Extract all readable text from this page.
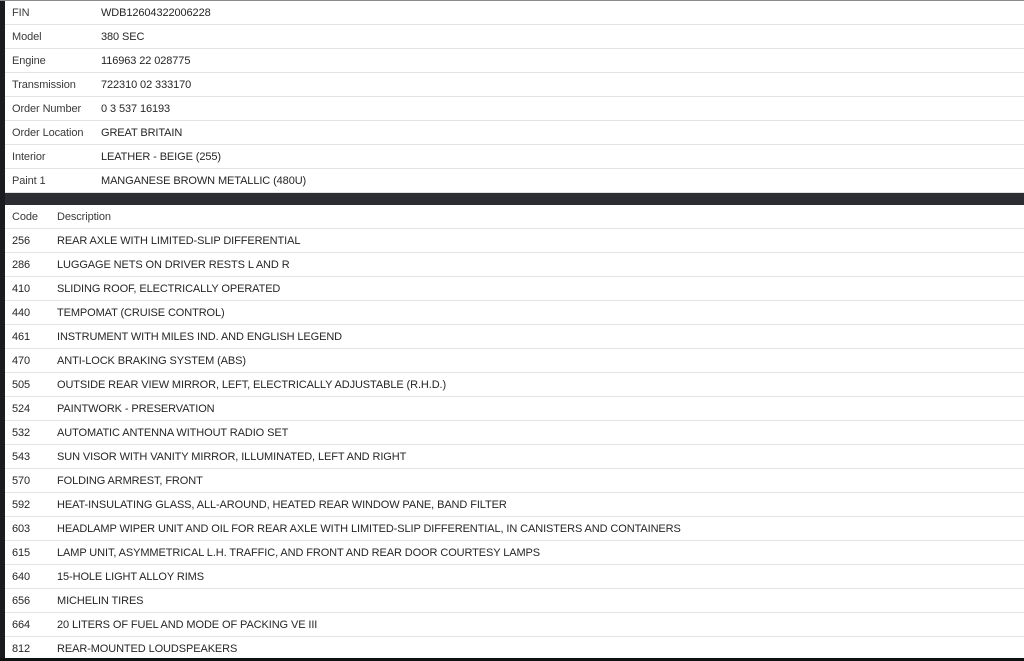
FIN	WDB12604322006228
Model	380 SEC
Engine	116963 22 028775
Transmission	722310 02 333170
Order Number	0 3 537 16193
Order Location	GREAT BRITAIN
Interior	LEATHER - BEIGE (255)
Paint 1	MANGANESE BROWN METALLIC (480U)
Code	Description
256	REAR AXLE WITH LIMITED-SLIP DIFFERENTIAL
286	LUGGAGE NETS ON DRIVER RESTS L AND R
410	SLIDING ROOF, ELECTRICALLY OPERATED
440	TEMPOMAT (CRUISE CONTROL)
461	INSTRUMENT WITH MILES IND. AND ENGLISH LEGEND
470	ANTI-LOCK BRAKING SYSTEM (ABS)
505	OUTSIDE REAR VIEW MIRROR, LEFT, ELECTRICALLY ADJUSTABLE (R.H.D.)
524	PAINTWORK - PRESERVATION
532	AUTOMATIC ANTENNA WITHOUT RADIO SET
543	SUN VISOR WITH VANITY MIRROR, ILLUMINATED, LEFT AND RIGHT
570	FOLDING ARMREST, FRONT
592	HEAT-INSULATING GLASS, ALL-AROUND, HEATED REAR WINDOW PANE, BAND FILTER
603	HEADLAMP WIPER UNIT AND OIL FOR REAR AXLE WITH LIMITED-SLIP DIFFERENTIAL, IN CANISTERS AND CONTAINERS
615	LAMP UNIT, ASYMMETRICAL L.H. TRAFFIC, AND FRONT AND REAR DOOR COURTESY LAMPS
640	15-HOLE LIGHT ALLOY RIMS
656	MICHELIN TIRES
664	20 LITERS OF FUEL AND MODE OF PACKING VE III
812	REAR-MOUNTED LOUDSPEAKERS
